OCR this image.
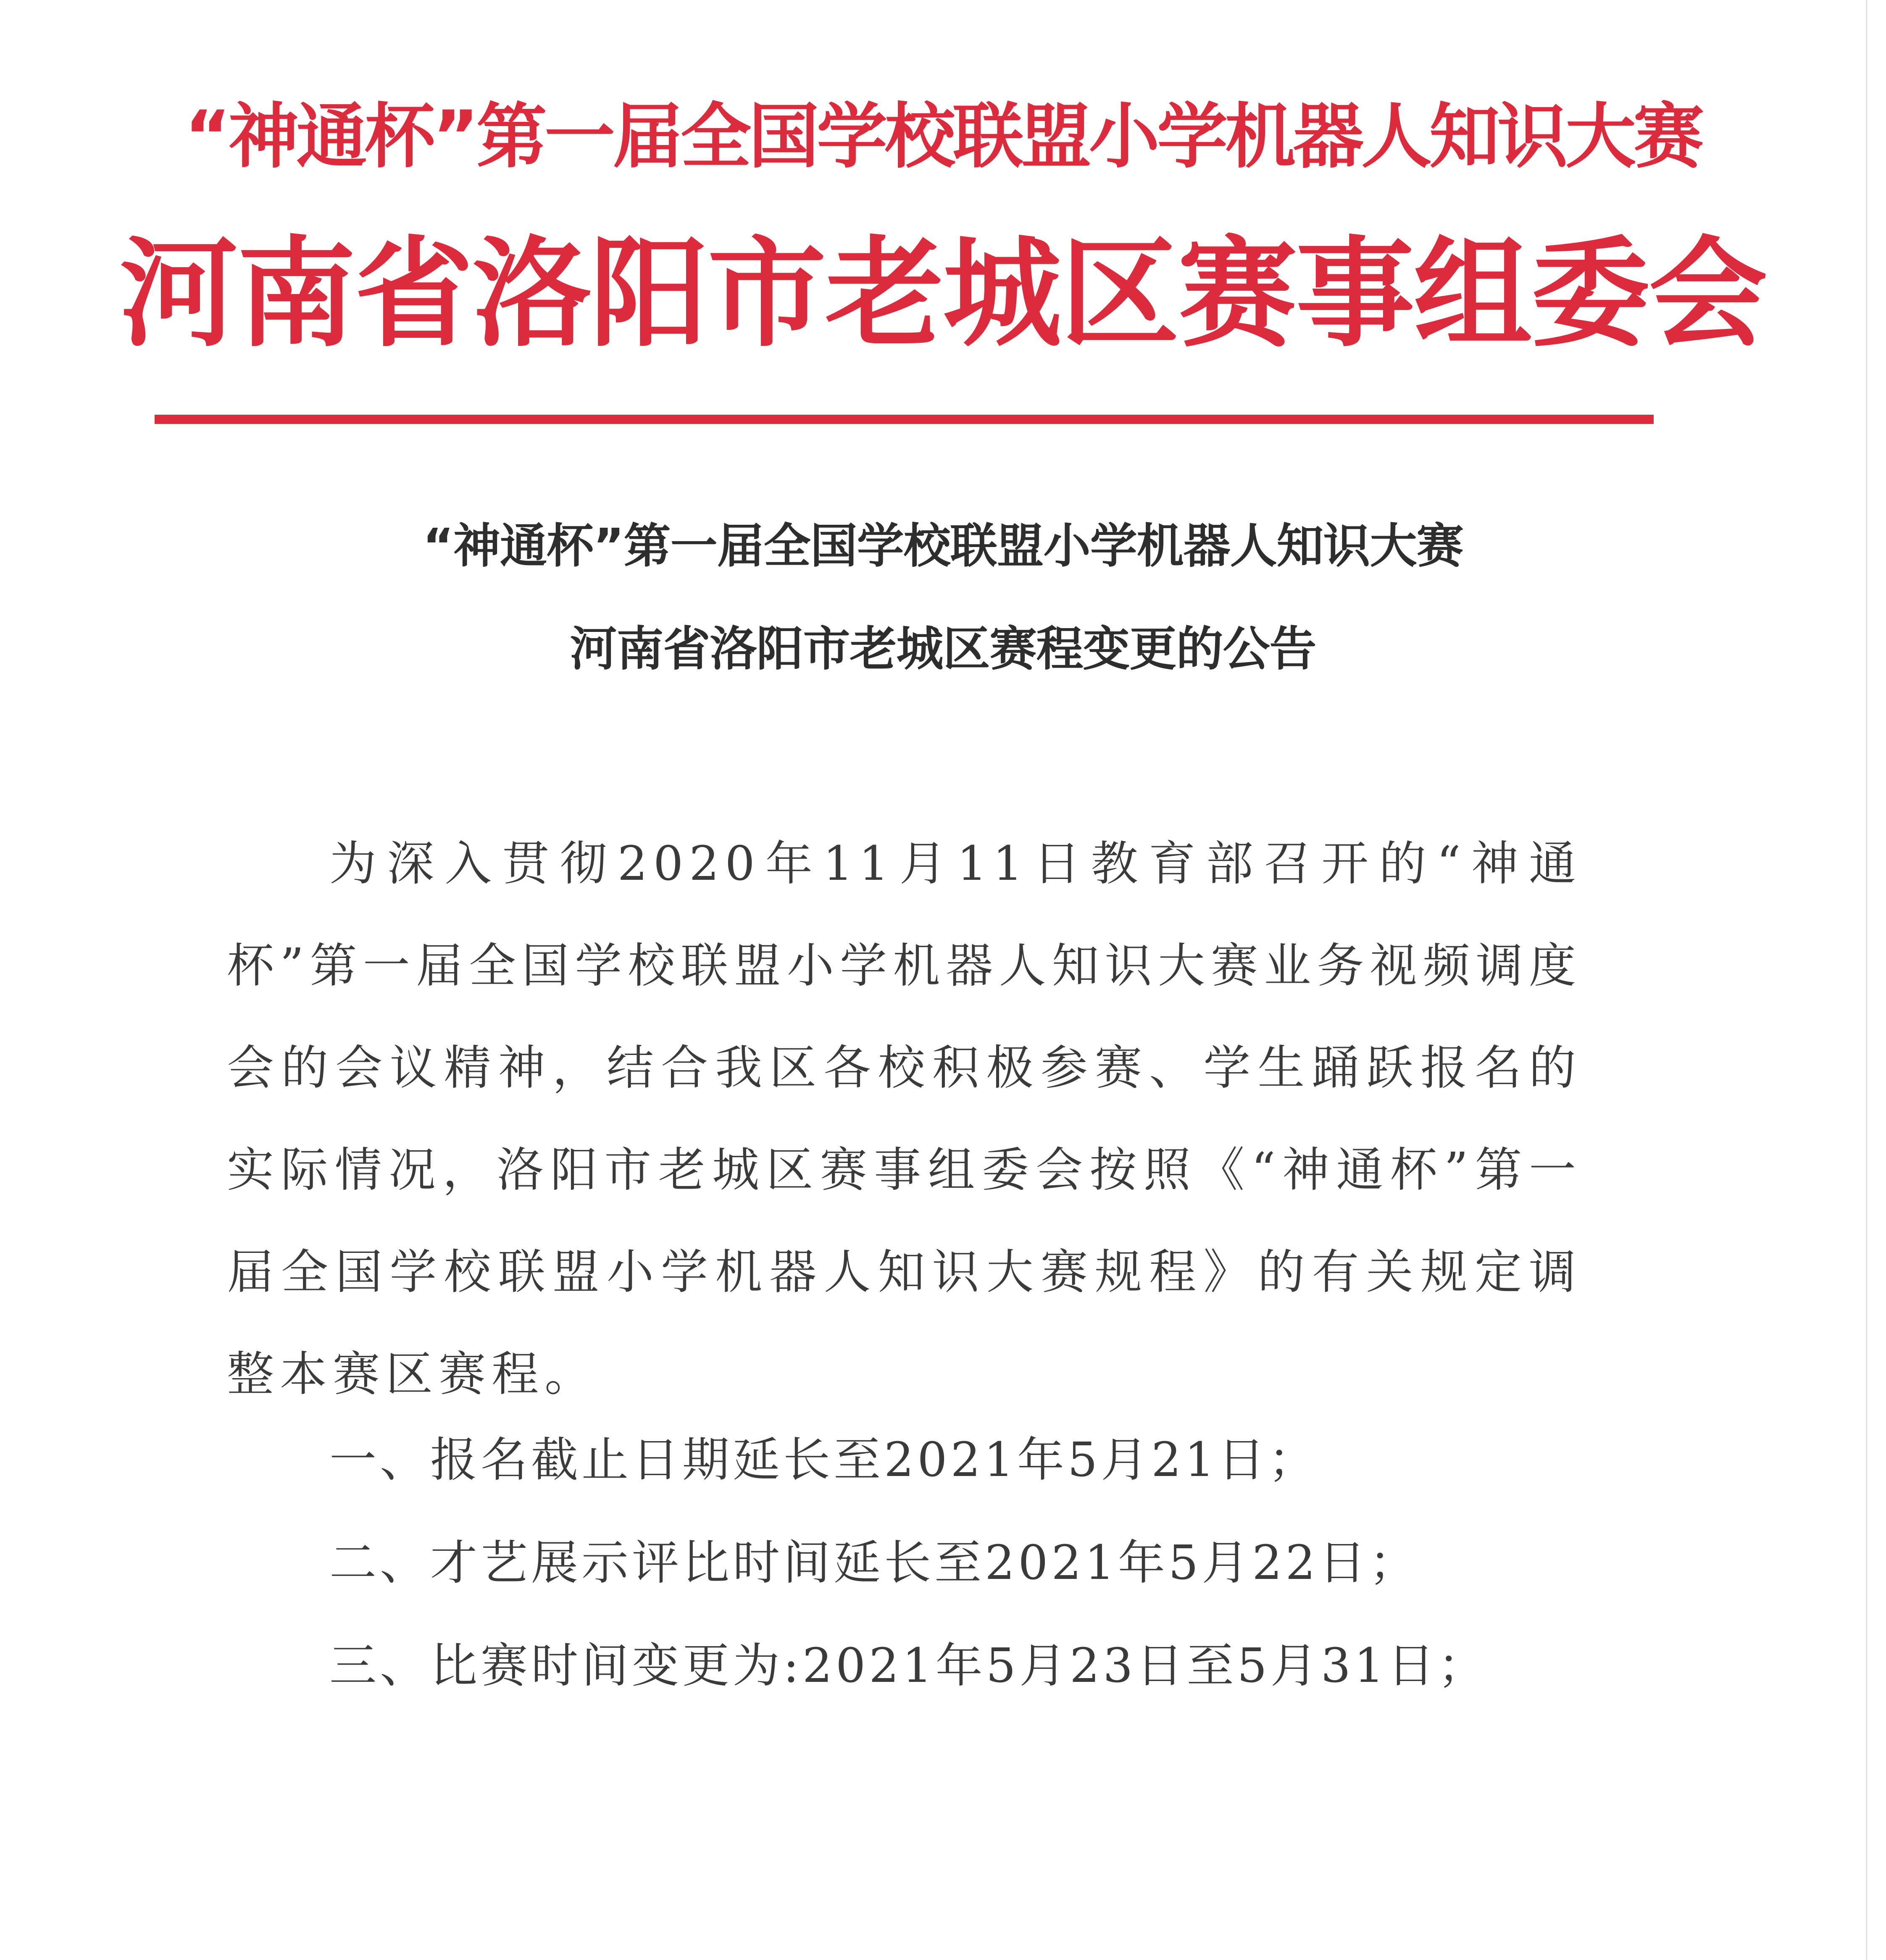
“神通杯”第一届全国学校联盟小学机器人知识大赛
河南省洛阳市老城区赛事组委会
“神通杯”第一届全国学校联盟小学机器人知识大赛
河南省洛阳市老城区赛程变更的公告

为深入贯彻2020年11月11日教育部召开的“神通杯”第一届全国学校联盟小学机器人知识大赛业务视频调度会的会议精神，结合我区各校积极参赛、学生踊跃报名的实际情况，洛阳市老城区赛事组委会按照《“神通杯”第一届全国学校联盟小学机器人知识大赛规程》的有关规定调整本赛区赛程。

一、报名截止日期延长至2021年5月21日；
二、才艺展示评比时间延长至2021年5月22日；
三、比赛时间变更为:2021年5月23日至5月31日；
